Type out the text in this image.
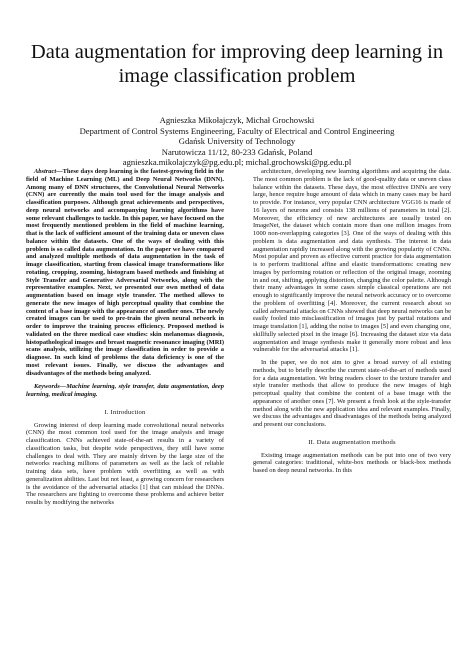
Data augmentation for improving deep learning in image classification problem
Agnieszka Mikołajczyk, Michał Grochowski
Department of Control Systems Engineering, Faculty of Electrical and Control Engineering
Gdańsk University of Technology
Narutowicza 11/12, 80-233 Gdańsk, Poland
agnieszka.mikolajczyk@pg.edu.pl; michal.grochowski@pg.edu.pl

Abstract—These days deep learning is the fastest-growing field in the field of Machine Learning (ML) and Deep Neural Networks (DNN). Among many of DNN structures, the Convolutional Neural Networks (CNN) are currently the main tool used for the image analysis and classification purposes. Although great achievements and perspectives, deep neural networks and accompanying learning algorithms have some relevant challenges to tackle. In this paper, we have focused on the most frequently mentioned problem in the field of machine learning, that is the lack of sufficient amount of the training data or uneven class balance within the datasets. One of the ways of dealing with this problem is so called data augmentation. In the paper we have compared and analyzed multiple methods of data augmentation in the task of image classification, starting from classical image transformations like rotating, cropping, zooming, histogram based methods and finishing at Style Transfer and Generative Adversarial Networks, along with the representative examples. Next, we presented our own method of data augmentation based on image style transfer. The method allows to generate the new images of high perceptual quality that combine the content of a base image with the appearance of another ones. The newly created images can be used to pre-train the given neural network in order to improve the training process efficiency. Proposed method is validated on the three medical case studies: skin melanomas diagnosis, histopathological images and breast magnetic resonance imaging (MRI) scans analysis, utilizing the image classification in order to provide a diagnose. In such kind of problems the data deficiency is one of the most relevant issues. Finally, we discuss the advantages and disadvantages of the methods being analyzed.

Keywords—Machine learning, style transfer, data augmentation, deep learning, medical imaging.

I. Introduction

Growing interest of deep learning made convolutional neural networks (CNN) the most common tool used for the image analysis and image classification. CNNs achieved state-of-the-art results in a variety of classification tasks, but despite wide perspectives, they still have some challenges to deal with. They are mainly driven by the large size of the networks reaching millions of parameters as well as the lack of reliable training data sets, have problem with overfitting as well as with generalization abilities. Last but not least, a growing concern for researchers is the avoidance of the adversarial attacks [1] that can mislead the DNNs. The researchers are fighting to overcome these problems and achieve better results by modifying the networks

architecture, developing new learning algorithms and acquiring the data. The most common problem is the lack of good-quality data or uneven class balance within the datasets. These days, the most effective DNNs are very large, hence require huge amount of data which in many cases may be hard to provide. For instance, very popular CNN architecture VGG16 is made of 16 layers of neurons and consists 138 millions of parameters in total [2]. Moreover, the efficiency of new architectures are usually tested on ImageNet, the dataset which contain more than one million images from 1000 non-overlapping categories [3]. One of the ways of dealing with this problem is data augmentation and data synthesis. The interest in data augmentation rapidly increased along with the growing popularity of CNNs. Most popular and proven as effective current practice for data augmentation is to perform traditional affine and elastic transformations: creating new images by performing rotation or reflection of the original image, zooming in and out, shifting, applying distortion, changing the color palette. Although their many advantages in some cases simple classical operations are not enough to significantly improve the neural network accuracy or to overcome the problem of overfitting [4]. Moreover, the current research about so called adversarial attacks on CNNs showed that deep neural networks can be easily fooled into misclassification of images just by partial rotations and image translation [1], adding the noise to images [5] and even changing one, skillfully selected pixel in the image [6]. Increasing the dataset size via data augmentation and image synthesis make it generally more robust and less vulnerable for the adversarial attacks [1].

In the paper, we do not aim to give a broad survey of all existing methods, but to briefly describe the current state-of-the-art of methods used for a data augmentation. We bring readers closer to the texture transfer and style transfer methods that allow to produce the new images of high perceptual quality that combine the content of a base image with the appearance of another ones [7]. We present a fresh look at the style-transfer method along with the new application idea and relevant examples. Finally, we discuss the advantages and disadvantages of the methods being analyzed and present our conclusions.

II. Data augmentation methods

Existing image augmentation methods can be put into one of two very general categories: traditional, white-box methods or black-box methods based on deep neural networks. In this
